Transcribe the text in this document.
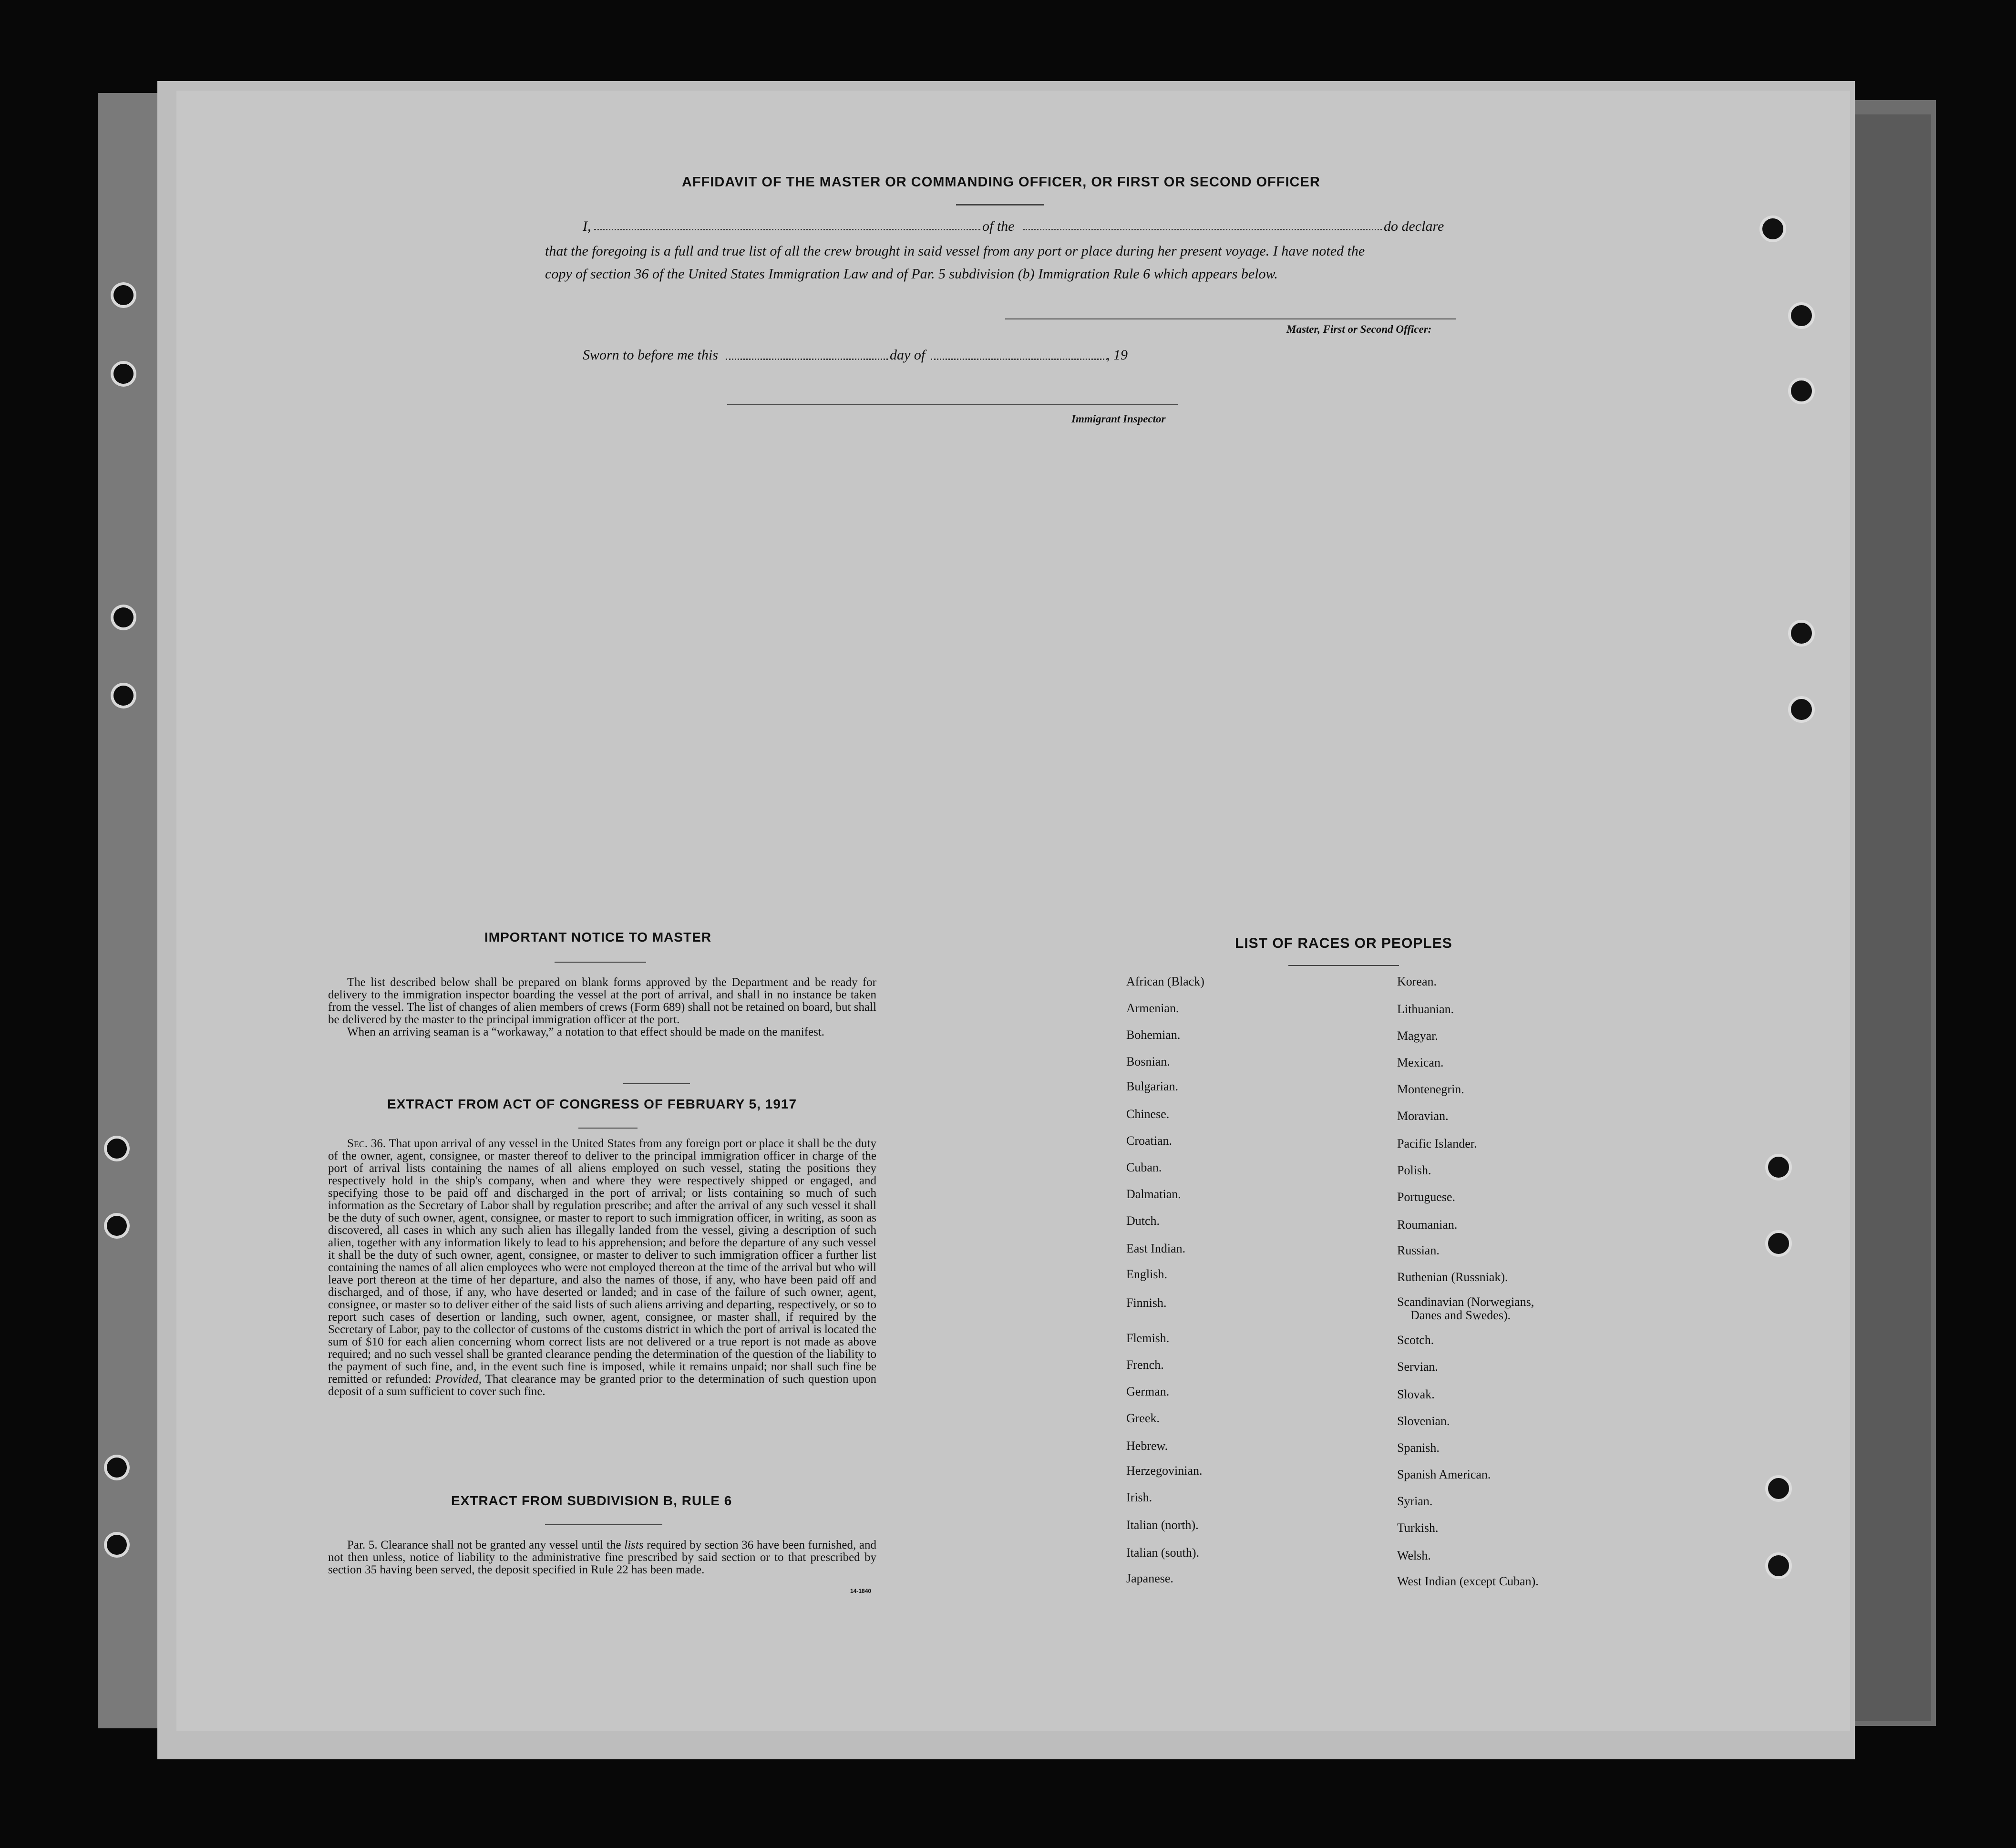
AFFIDAVIT OF THE MASTER OR COMMANDING OFFICER, OR FIRST OR SECOND OFFICER
I,	of the	do declare
that the foregoing is a full and true list of all the crew brought in said vessel from any port or place during her present voyage. I have noted the
copy of section 36 of the United States Immigration Law and of Par. 5 subdivision (b) Immigration Rule 6 which appears below.
Master, First or Second Officer:
Sworn to before me this	day of	, 19
Immigrant Inspector
IMPORTANT NOTICE TO MASTER

The list described below shall be prepared on blank forms approved by the Department and be ready for delivery to the immigration inspector boarding the vessel at the port of arrival, and shall in no instance be taken from the vessel. The list of changes of alien members of crews (Form 689) shall not be retained on board, but shall be delivered by the master to the principal immigration officer at the port.

When an arriving seaman is a “workaway,” a notation to that effect should be made on the manifest.

EXTRACT FROM ACT OF CONGRESS OF FEBRUARY 5, 1917

Sec. 36. That upon arrival of any vessel in the United States from any foreign port or place it shall be the duty of the owner, agent, consignee, or master thereof to deliver to the principal immigration officer in charge of the port of arrival lists containing the names of all aliens employed on such vessel, stating the positions they respectively hold in the ship's company, when and where they were respectively shipped or engaged, and specifying those to be paid off and discharged in the port of arrival; or lists containing so much of such information as the Secretary of Labor shall by regulation prescribe; and after the arrival of any such vessel it shall be the duty of such owner, agent, consignee, or master to report to such immigration officer, in writing, as soon as discovered, all cases in which any such alien has illegally landed from the vessel, giving a description of such alien, together with any information likely to lead to his apprehension; and before the departure of any such vessel it shall be the duty of such owner, agent, consignee, or master to deliver to such immigration officer a further list containing the names of all alien employees who were not employed thereon at the time of the arrival but who will leave port thereon at the time of her departure, and also the names of those, if any, who have been paid off and discharged, and of those, if any, who have deserted or landed; and in case of the failure of such owner, agent, consignee, or master so to deliver either of the said lists of such aliens arriving and departing, respectively, or so to report such cases of desertion or landing, such owner, agent, consignee, or master shall, if required by the Secretary of Labor, pay to the collector of customs of the customs district in which the port of arrival is located the sum of $10 for each alien concerning whom correct lists are not delivered or a true report is not made as above required; and no such vessel shall be granted clearance pending the determination of the question of the liability to the payment of such fine, and, in the event such fine is imposed, while it remains unpaid; nor shall such fine be remitted or refunded: Provided, That clearance may be granted prior to the determination of such question upon deposit of a sum sufficient to cover such fine.

EXTRACT FROM SUBDIVISION B, RULE 6

Par. 5. Clearance shall not be granted any vessel until the lists required by section 36 have been furnished, and not then unless, notice of liability to the administrative fine prescribed by said section or to that prescribed by section 35 having been served, the deposit specified in Rule 22 has been made.

14-1840
LIST OF RACES OR PEOPLES
African (Black)
Armenian.
Bohemian.
Bosnian.
Bulgarian.
Chinese.
Croatian.
Cuban.
Dalmatian.
Dutch.
East Indian.
English.
Finnish.
Flemish.
French.
German.
Greek.
Hebrew.
Herzegovinian.
Irish.
Italian (north).
Italian (south).
Japanese.
Korean.
Lithuanian.
Magyar.
Mexican.
Montenegrin.
Moravian.
Pacific Islander.
Polish.
Portuguese.
Roumanian.
Russian.
Ruthenian (Russniak).
Scandinavian (Norwegians,
Danes and Swedes).
Scotch.
Servian.
Slovak.
Slovenian.
Spanish.
Spanish American.
Syrian.
Turkish.
Welsh.
West Indian (except Cuban).
